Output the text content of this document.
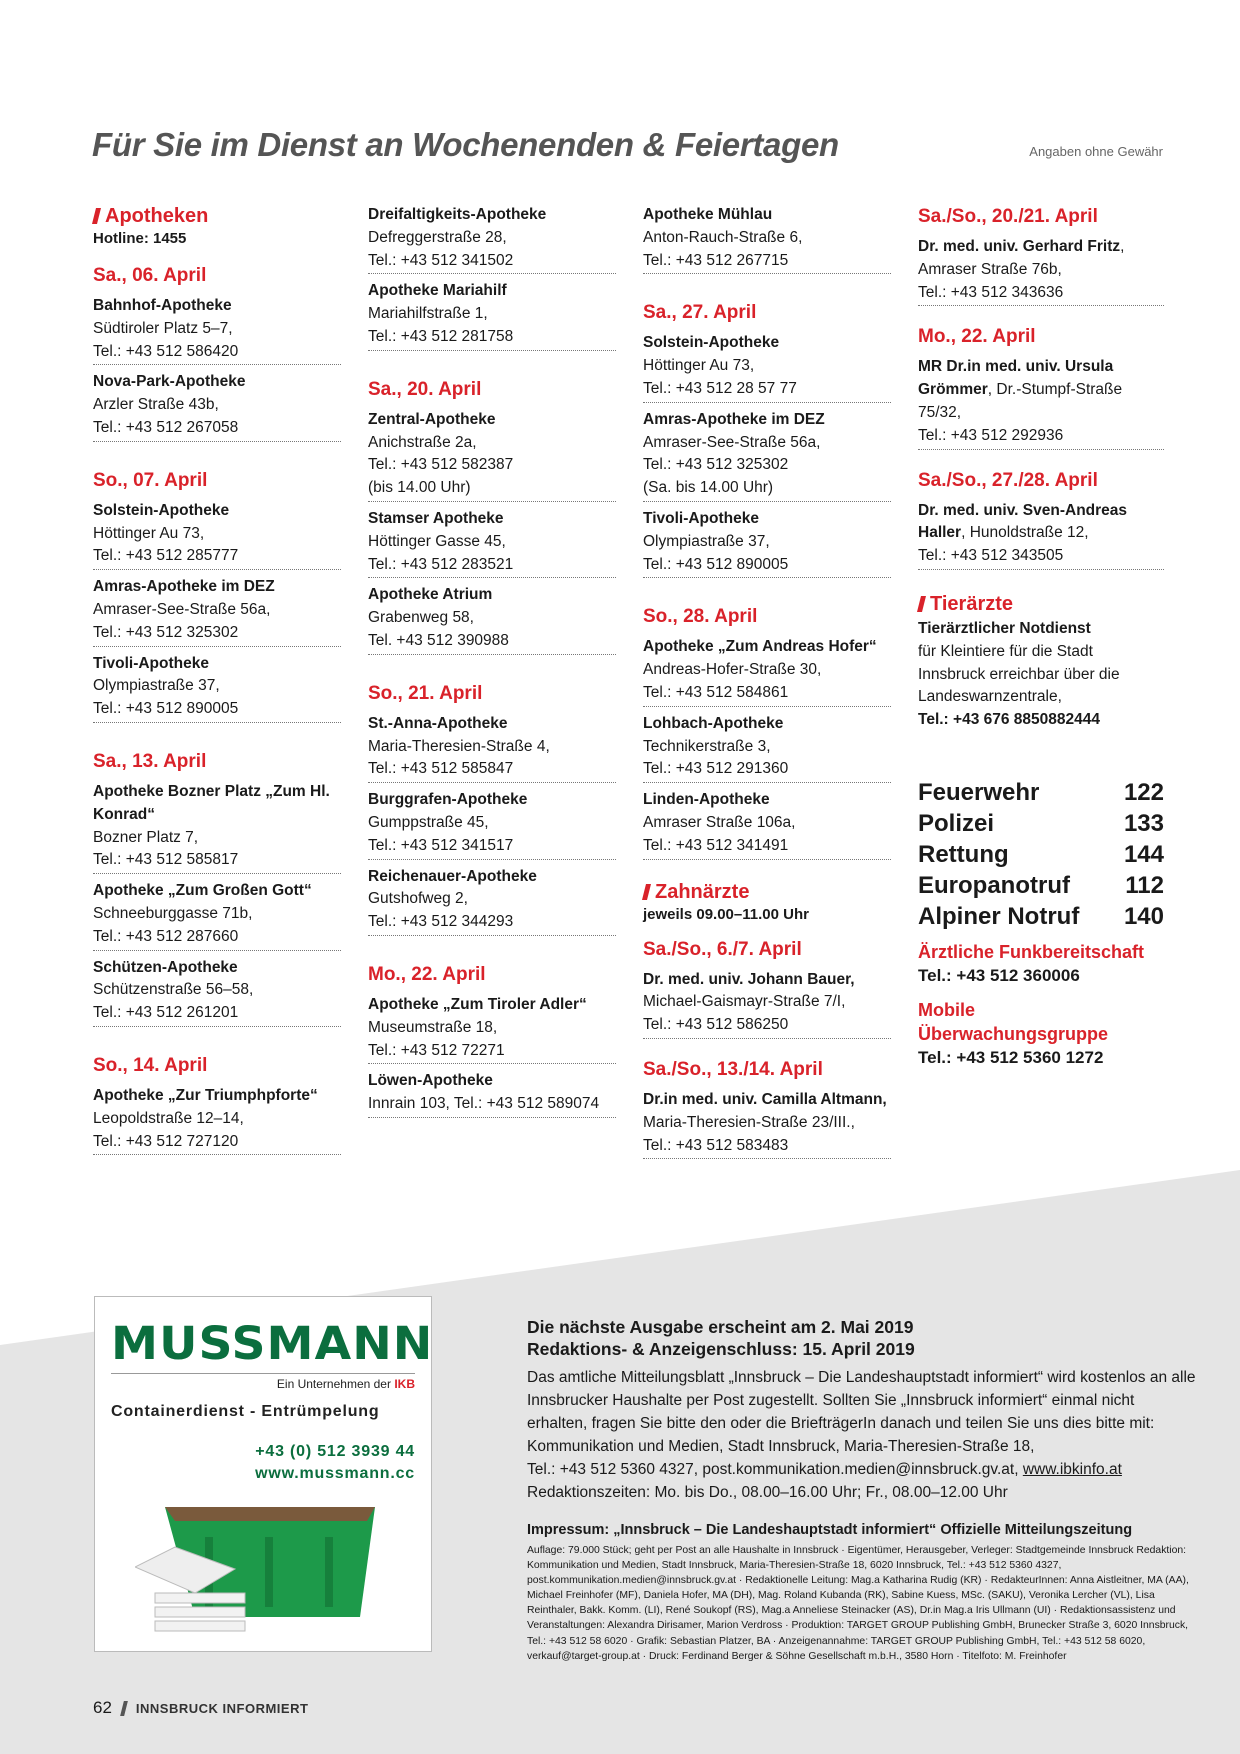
Für Sie im Dienst an Wochenenden & Feiertagen	Angaben ohne Gewähr
Apotheken
Hotline: 1455
Sa., 06. April
Bahnhof-Apotheke
Südtiroler Platz 5–7,
Tel.: +43 512 586420
Nova-Park-Apotheke
Arzler Straße 43b,
Tel.: +43 512 267058
So., 07. April
Solstein-Apotheke
Höttinger Au 73,
Tel.: +43 512 285777
Amras-Apotheke im DEZ
Amraser-See-Straße 56a,
Tel.: +43 512 325302
Tivoli-Apotheke
Olympiastraße 37,
Tel.: +43 512 890005
Sa., 13. April
Apotheke Bozner Platz „Zum Hl. Konrad“
Bozner Platz 7,
Tel.: +43 512 585817
Apotheke „Zum Großen Gott“
Schneeburggasse 71b,
Tel.: +43 512 287660
Schützen-Apotheke
Schützenstraße 56–58,
Tel.: +43 512 261201
So., 14. April
Apotheke „Zur Triumphpforte“
Leopoldstraße 12–14,
Tel.: +43 512 727120
Dreifaltigkeits-Apotheke
Defreggerstraße 28,
Tel.: +43 512 341502
Apotheke Mariahilf
Mariahilfstraße 1,
Tel.: +43 512 281758
Sa., 20. April
Zentral-Apotheke
Anichstraße 2a,
Tel.: +43 512 582387
(bis 14.00 Uhr)
Stamser Apotheke
Höttinger Gasse 45,
Tel.: +43 512 283521
Apotheke Atrium
Grabenweg 58,
Tel. +43 512 390988
So., 21. April
St.-Anna-Apotheke
Maria-Theresien-Straße 4,
Tel.: +43 512 585847
Burggrafen-Apotheke
Gumppstraße 45,
Tel.: +43 512 341517
Reichenauer-Apotheke
Gutshofweg 2,
Tel.: +43 512 344293
Mo., 22. April
Apotheke „Zum Tiroler Adler“
Museumstraße 18,
Tel.: +43 512 72271
Löwen-Apotheke
Innrain 103, Tel.: +43 512 589074
Apotheke Mühlau
Anton-Rauch-Straße 6,
Tel.: +43 512 267715
Sa., 27. April
Solstein-Apotheke
Höttinger Au 73,
Tel.: +43 512 28 57 77
Amras-Apotheke im DEZ
Amraser-See-Straße 56a,
Tel.: +43 512 325302
(Sa. bis 14.00 Uhr)
Tivoli-Apotheke
Olympiastraße 37,
Tel.: +43 512 890005
So., 28. April
Apotheke „Zum Andreas Hofer“
Andreas-Hofer-Straße 30,
Tel.: +43 512 584861
Lohbach-Apotheke
Technikerstraße 3,
Tel.: +43 512 291360
Linden-Apotheke
Amraser Straße 106a,
Tel.: +43 512 341491
Zahnärzte
jeweils 09.00–11.00 Uhr
Sa./So., 6./7. April
Dr. med. univ. Johann Bauer,
Michael-Gaismayr-Straße 7/I,
Tel.: +43 512 586250
Sa./So., 13./14. April
Dr.in med. univ. Camilla Altmann,
Maria-Theresien-Straße 23/III.,
Tel.: +43 512 583483
Sa./So., 20./21. April
Dr. med. univ. Gerhard Fritz, Amraser Straße 76b,
Tel.: +43 512 343636
Mo., 22. April
MR Dr.in med. univ. Ursula Grömmer, Dr.-Stumpf-Straße 75/32,
Tel.: +43 512 292936
Sa./So., 27./28. April
Dr. med. univ. Sven-Andreas Haller, Hunoldstraße 12,
Tel.: +43 512 343505
Tierärzte
Tierärztlicher Notdienst
für Kleintiere für die Stadt Innsbruck erreichbar über die Landeswarnzentrale,
Tel.: +43 676 8850882444
Feuerwehr	122
Polizei	133
Rettung	144
Europanotruf 112
Alpiner Notruf 140
Ärztliche Funkbereitschaft
Tel.: +43 512 360006
Mobile Überwachungsgruppe
Tel.: +43 512 5360 1272
MUSSMANN
Ein Unternehmen der IKB
Containerdienst - Entrümpelung
+43 (0) 512 3939 44
www.mussmann.cc
Die nächste Ausgabe erscheint am 2. Mai 2019
Redaktions- & Anzeigenschluss: 15. April 2019
Das amtliche Mitteilungsblatt „Innsbruck – Die Landeshauptstadt informiert“ wird kostenlos an alle Innsbrucker Haushalte per Post zugestellt. Sollten Sie „Innsbruck informiert“ einmal nicht erhalten, fragen Sie bitte den oder die BriefträgerIn danach und teilen Sie uns dies bitte mit: Kommunikation und Medien, Stadt Innsbruck, Maria-Theresien-Straße 18,
Tel.: +43 512 5360 4327, post.kommunikation.medien@innsbruck.gv.at, www.ibkinfo.at
Redaktionszeiten: Mo. bis Do., 08.00–16.00 Uhr; Fr., 08.00–12.00 Uhr
Impressum: „Innsbruck – Die Landeshauptstadt informiert“ Offizielle Mitteilungszeitung
Auflage: 79.000 Stück; geht per Post an alle Haushalte in Innsbruck · Eigentümer, Herausgeber, Verleger: Stadtgemeinde Innsbruck Redaktion: Kommunikation und Medien, Stadt Innsbruck, Maria-Theresien-Straße 18, 6020 Innsbruck, Tel.: +43 512 5360 4327, post.kommunikation.medien@innsbruck.gv.at · Redaktionelle Leitung: Mag.a Katharina Rudig (KR) · RedakteurInnen: Anna Aistleitner, MA (AA), Michael Freinhofer (MF), Daniela Hofer, MA (DH), Mag. Roland Kubanda (RK), Sabine Kuess, MSc. (SAKU), Veronika Lercher (VL), Lisa Reinthaler, Bakk. Komm. (LI), René Soukopf (RS), Mag.a Anneliese Steinacker (AS), Dr.in Mag.a Iris Ullmann (UI) · Redaktionsassistenz und Veranstaltungen: Alexandra Dirisamer, Marion Verdross · Produktion: TARGET GROUP Publishing GmbH, Brunecker Straße 3, 6020 Innsbruck, Tel.: +43 512 58 6020 · Grafik: Sebastian Platzer, BA · Anzeigenannahme: TARGET GROUP Publishing GmbH, Tel.: +43 512 58 6020, verkauf@target-group.at · Druck: Ferdinand Berger & Söhne Gesellschaft m.b.H., 3580 Horn · Titelfoto: M. Freinhofer
62 INNSBRUCK INFORMIERT
